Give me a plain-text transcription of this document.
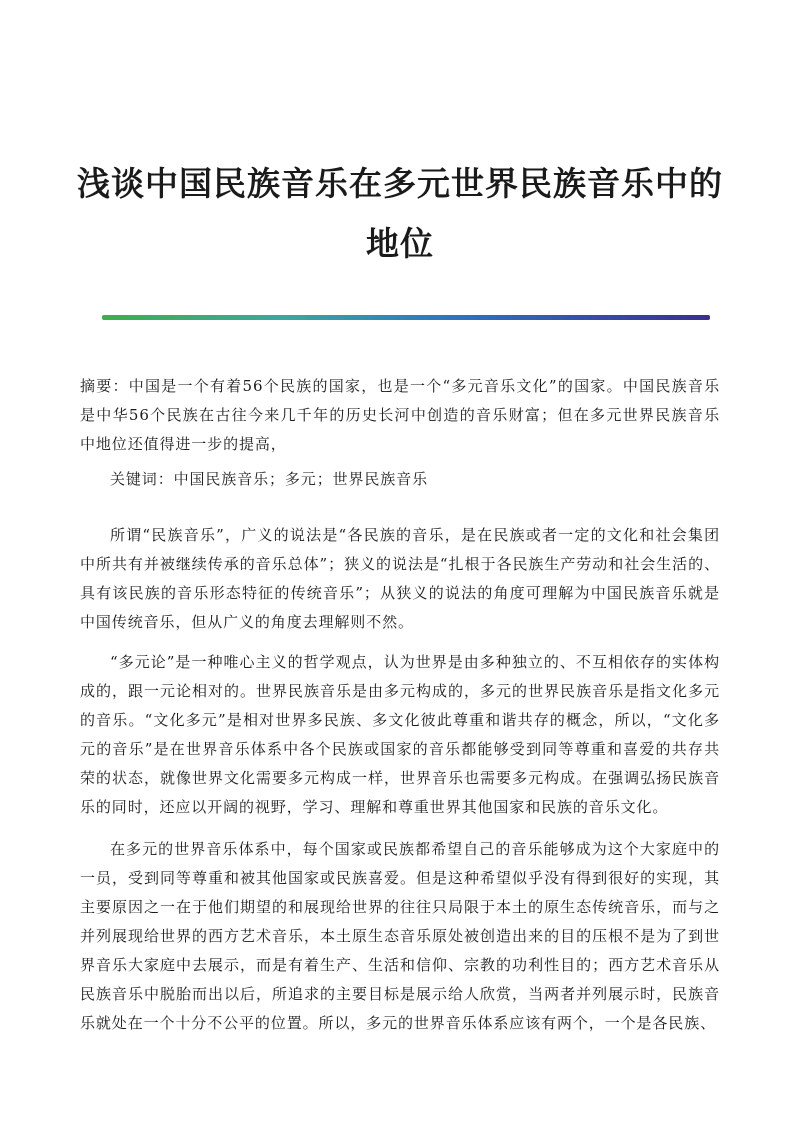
浅谈中国民族音乐在多元世界民族音乐中的
地位

摘要：中国是一个有着56个民族的国家，也是一个“多元音乐文化”的国家。中国民族音乐是中华56个民族在古往今来几千年的历史长河中创造的音乐财富；但在多元世界民族音乐中地位还值得进一步的提高，

关键词：中国民族音乐；多元；世界民族音乐

所谓“民族音乐”，广义的说法是“各民族的音乐，是在民族或者一定的文化和社会集团中所共有并被继续传承的音乐总体”；狭义的说法是“扎根于各民族生产劳动和社会生活的、具有该民族的音乐形态特征的传统音乐”；从狭义的说法的角度可理解为中国民族音乐就是中国传统音乐，但从广义的角度去理解则不然。

“多元论”是一种唯心主义的哲学观点，认为世界是由多种独立的、不互相依存的实体构成的，跟一元论相对的。世界民族音乐是由多元构成的，多元的世界民族音乐是指文化多元的音乐。“文化多元”是相对世界多民族、多文化彼此尊重和谐共存的概念，所以，“文化多元的音乐”是在世界音乐体系中各个民族或国家的音乐都能够受到同等尊重和喜爱的共存共荣的状态，就像世界文化需要多元构成一样，世界音乐也需要多元构成。在强调弘扬民族音乐的同时，还应以开阔的视野，学习、理解和尊重世界其他国家和民族的音乐文化。

在多元的世界音乐体系中，每个国家或民族都希望自己的音乐能够成为这个大家庭中的一员，受到同等尊重和被其他国家或民族喜爱。但是这种希望似乎没有得到很好的实现，其主要原因之一在于他们期望的和展现给世界的往往只局限于本土的原生态传统音乐，而与之并列展现给世界的西方艺术音乐，本土原生态音乐原处被创造出来的目的压根不是为了到世界音乐大家庭中去展示，而是有着生产、生活和信仰、宗教的功利性目的；西方艺术音乐从民族音乐中脱胎而出以后，所追求的主要目标是展示给人欣赏，当两者并列展示时，民族音乐就处在一个十分不公平的位置。所以，多元的世界音乐体系应该有两个，一个是各民族、
